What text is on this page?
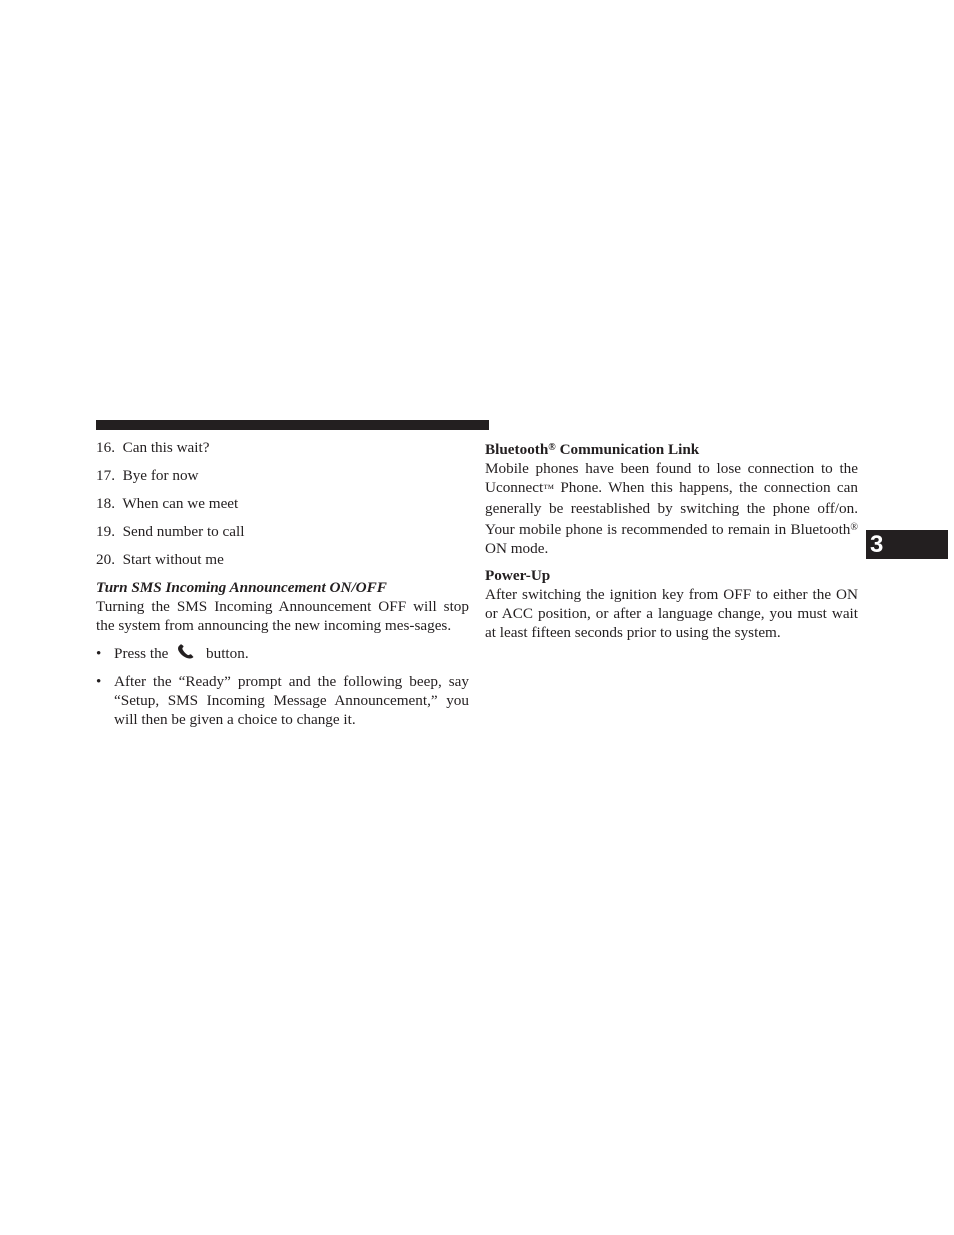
16. Can this wait?
17. Bye for now
18. When can we meet
19. Send number to call
20. Start without me
Turn SMS Incoming Announcement ON/OFF

Turning the SMS Incoming Announcement OFF will stop the system from announcing the new incoming mes-sages.

• Press the button.
• After the “Ready” prompt and the following beep, say “Setup, SMS Incoming Message Announcement,” you will then be given a choice to change it.
Bluetooth® Communication Link

Mobile phones have been found to lose connection to the Uconnect™ Phone. When this happens, the connection can generally be reestablished by switching the phone off/on. Your mobile phone is recommended to remain in Bluetooth® ON mode.

Power-Up

After switching the ignition key from OFF to either the ON or ACC position, or after a language change, you must wait at least fifteen seconds prior to using the system.

3
